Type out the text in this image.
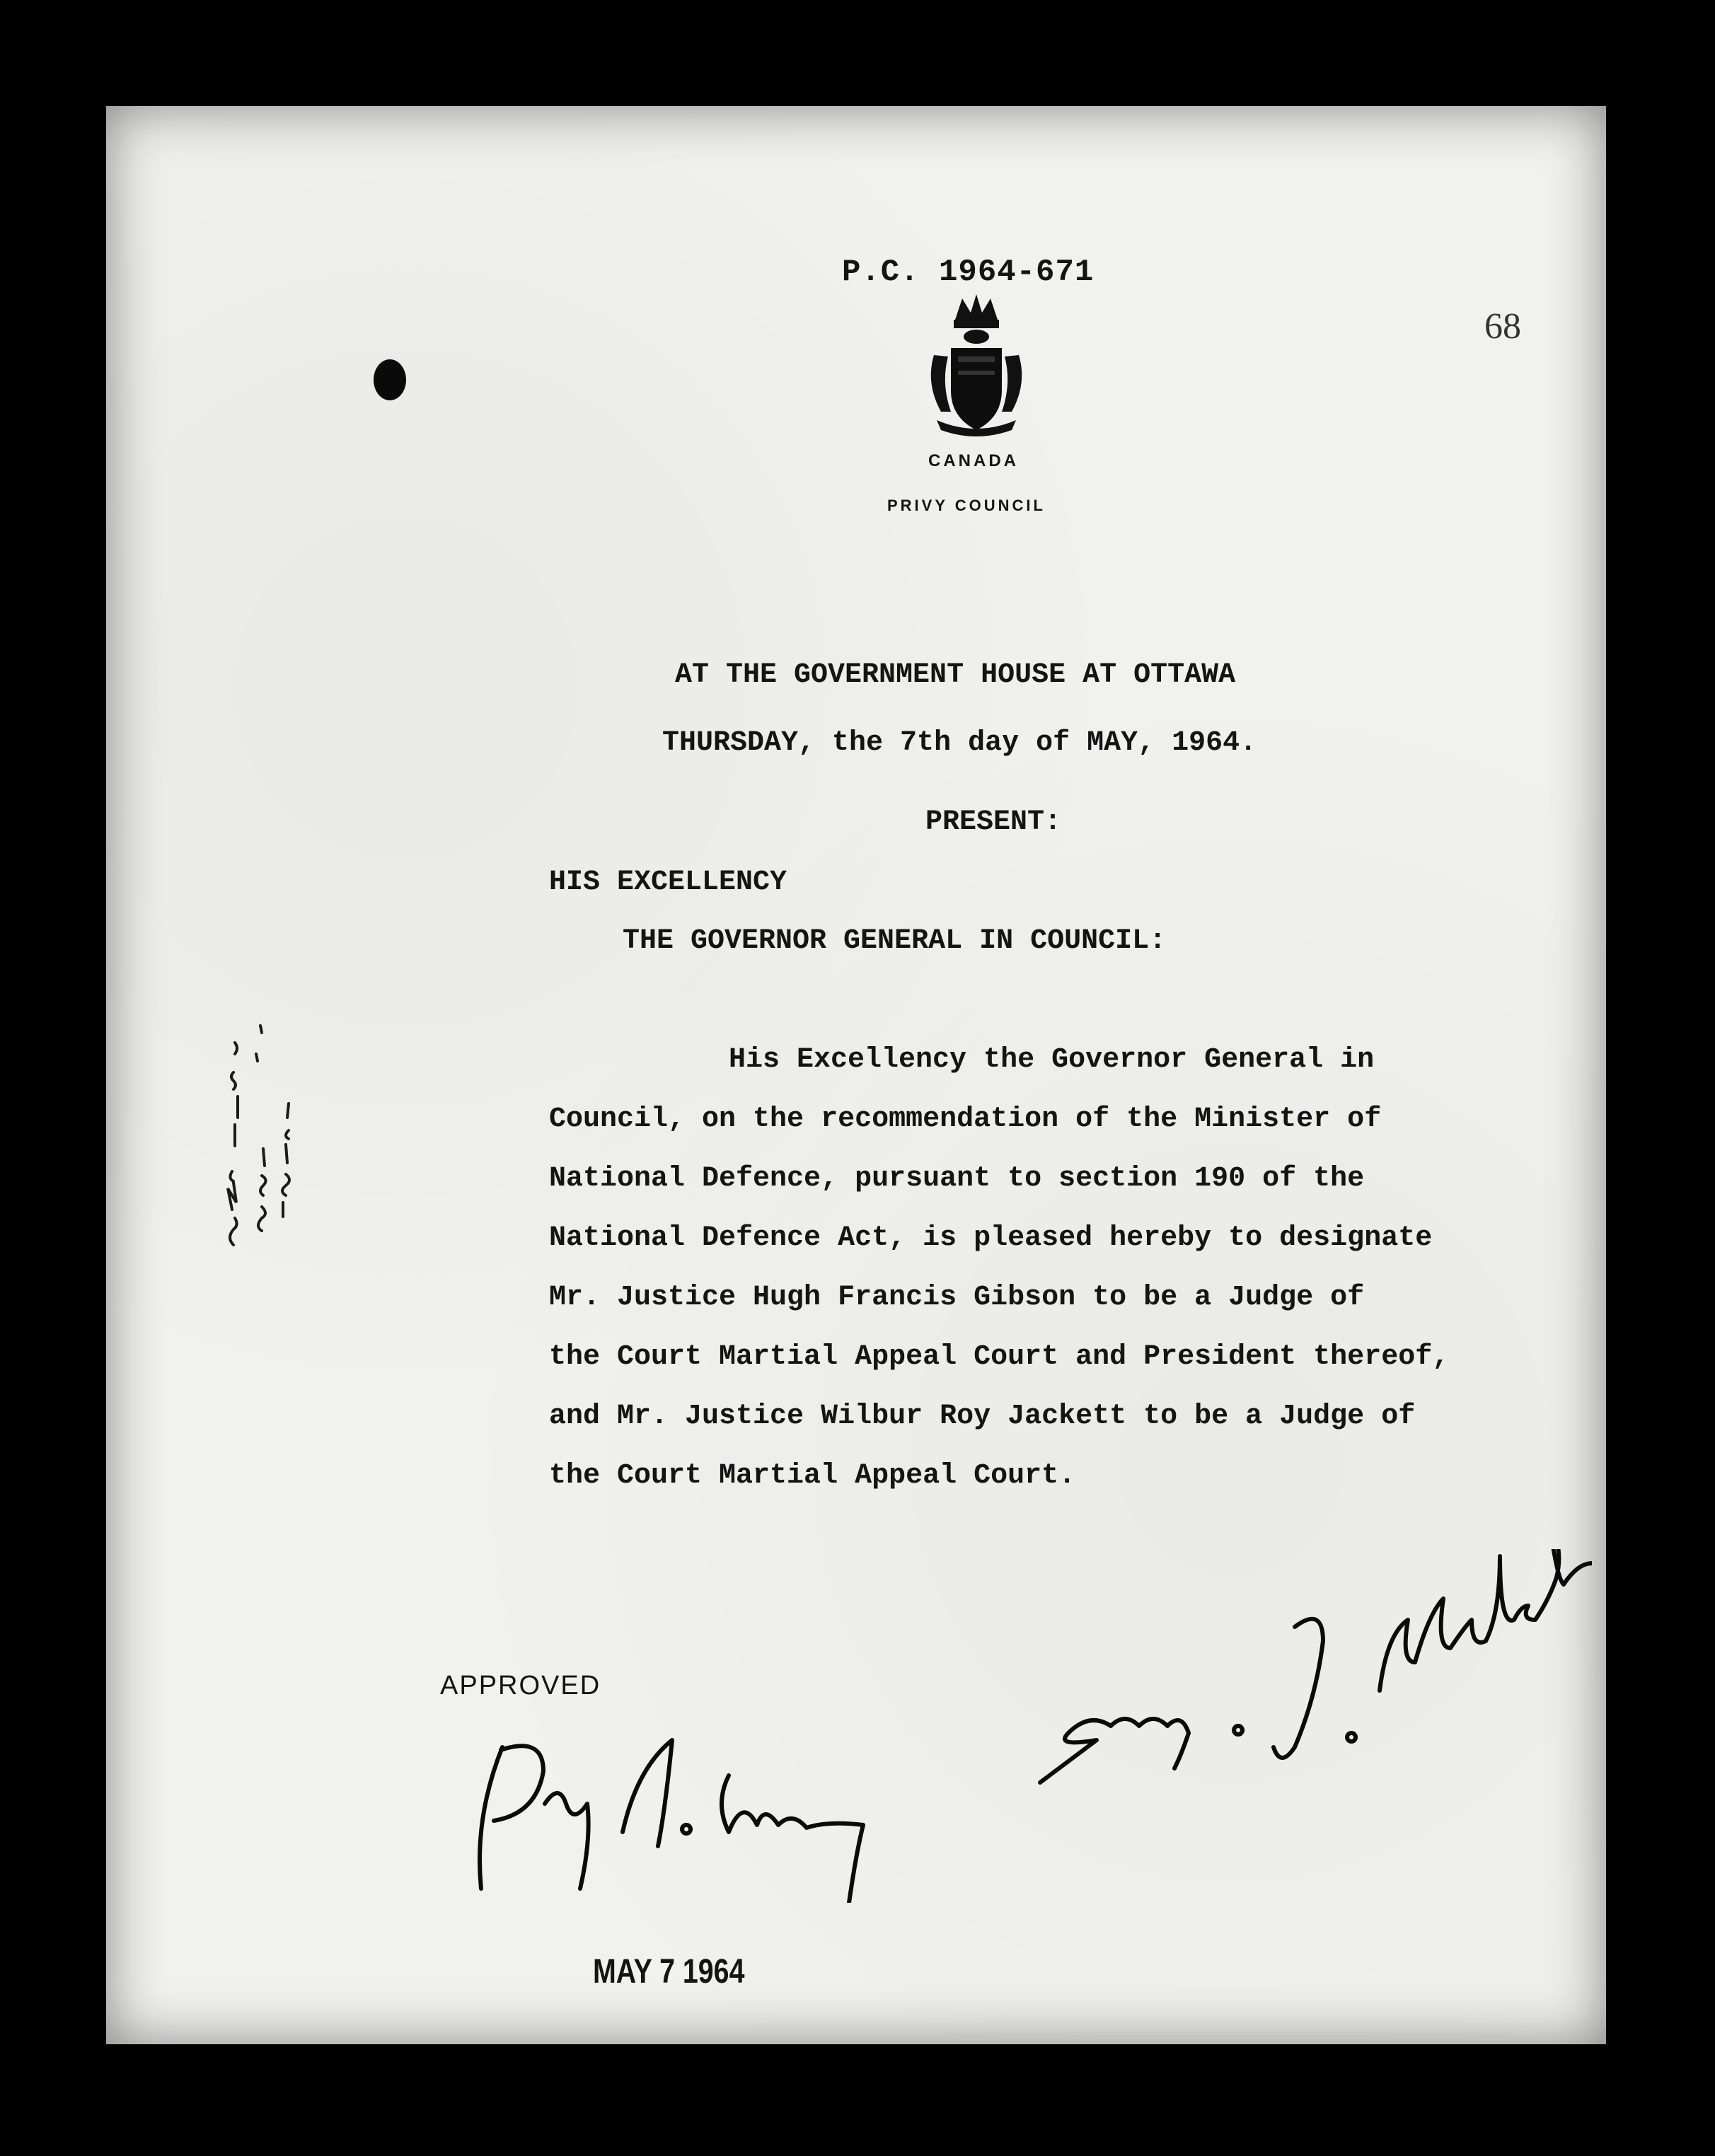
P.C. 1964-671
68
CANADA
PRIVY COUNCIL
AT THE GOVERNMENT HOUSE AT OTTAWA
THURSDAY, the 7th day of MAY, 1964.
PRESENT:
HIS EXCELLENCY
THE GOVERNOR GENERAL IN COUNCIL:
His Excellency the Governor General in
Council, on the recommendation of the Minister of
National Defence, pursuant to section 190 of the
National Defence Act, is pleased hereby to designate
Mr. Justice Hugh Francis Gibson to be a Judge of
the Court Martial Appeal Court and President thereof,
and Mr. Justice Wilbur Roy Jackett to be a Judge of
the Court Martial Appeal Court.
APPROVED
MAY 7 1964
